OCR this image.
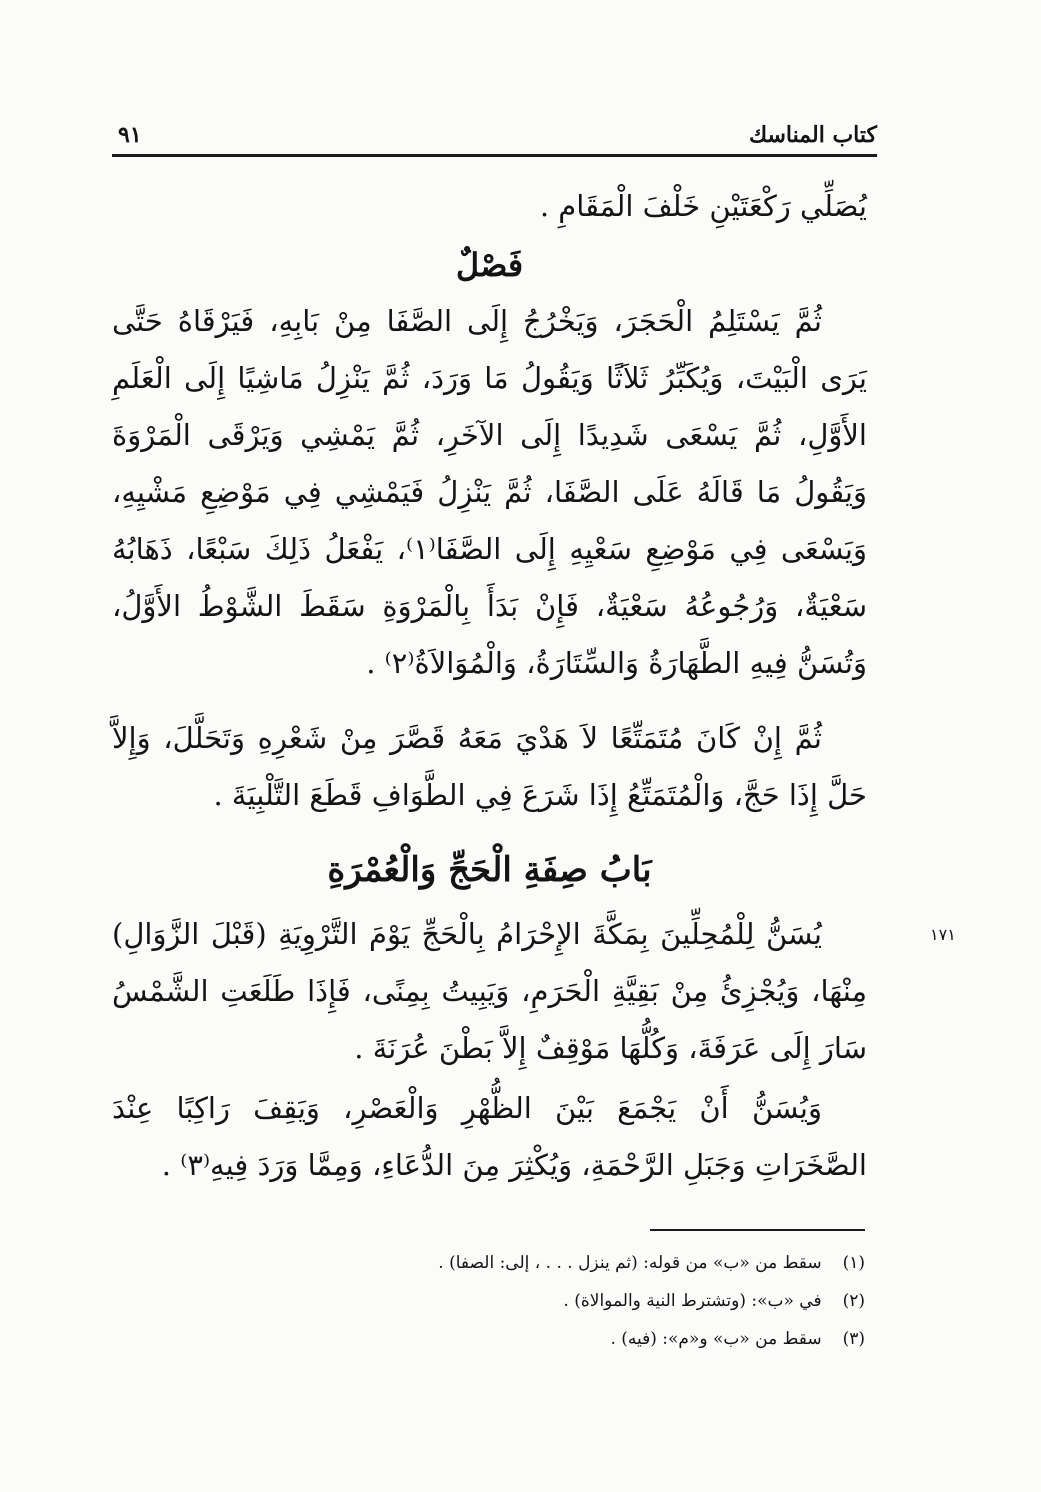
كتاب المناسك
٩١

يُصَلِّي رَكْعَتَيْنِ خَلْفَ الْمَقَامِ .

فَصْلٌ

ثُمَّ يَسْتَلِمُ الْحَجَرَ، وَيَخْرُجُ إِلَى الصَّفَا مِنْ بَابِهِ، فَيَرْقَاهُ حَتَّى يَرَى الْبَيْتَ، وَيُكَبِّرُ ثَلاَثًا وَيَقُولُ مَا وَرَدَ، ثُمَّ يَنْزِلُ مَاشِيًا إِلَى الْعَلَمِ الأَوَّلِ، ثُمَّ يَسْعَى شَدِيدًا إِلَى الآخَرِ، ثُمَّ يَمْشِي وَيَرْقَى الْمَرْوَةَ وَيَقُولُ مَا قَالَهُ عَلَى الصَّفَا، ثُمَّ يَنْزِلُ فَيَمْشِي فِي مَوْضِعِ مَشْيِهِ، وَيَسْعَى فِي مَوْضِعِ سَعْيِهِ إِلَى الصَّفَا⁽١⁾، يَفْعَلُ ذَلِكَ سَبْعًا، ذَهَابُهُ سَعْيَةٌ، وَرُجُوعُهُ سَعْيَةٌ، فَإِنْ بَدَأَ بِالْمَرْوَةِ سَقَطَ الشَّوْطُ الأَوَّلُ، وَتُسَنُّ فِيهِ الطَّهَارَةُ وَالسِّتَارَةُ، وَالْمُوَالاَةُ⁽٢⁾ .

ثُمَّ إِنْ كَانَ مُتَمَتِّعًا لاَ هَدْيَ مَعَهُ قَصَّرَ مِنْ شَعْرِهِ وَتَحَلَّلَ، وَإِلاَّ حَلَّ إِذَا حَجَّ، وَالْمُتَمَتِّعُ إِذَا شَرَعَ فِي الطَّوَافِ قَطَعَ التَّلْبِيَةَ .

بَابُ صِفَةِ الْحَجِّ وَالْعُمْرَةِ

يُسَنُّ لِلْمُحِلِّينَ بِمَكَّةَ الإِحْرَامُ بِالْحَجِّ يَوْمَ التَّرْوِيَةِ (قَبْلَ الزَّوَالِ) مِنْهَا، وَيُجْزِئُ مِنْ بَقِيَّةِ الْحَرَمِ، وَيَبِيتُ بِمِنًى، فَإِذَا طَلَعَتِ الشَّمْسُ سَارَ إِلَى عَرَفَةَ، وَكُلُّهَا مَوْقِفٌ إِلاَّ بَطْنَ عُرَنَةَ .

وَيُسَنُّ أَنْ يَجْمَعَ بَيْنَ الظُّهْرِ وَالْعَصْرِ، وَيَقِفَ رَاكِبًا عِنْدَ الصَّخَرَاتِ وَجَبَلِ الرَّحْمَةِ، وَيُكْثِرَ مِنَ الدُّعَاءِ، وَمِمَّا وَرَدَ فِيهِ⁽٣⁾ .

١٧١
(١) سقط من «ب» من قوله: (ثم ينزل . . . ، إلى: الصفا) .
(٢) في «ب»: (وتشترط النية والموالاة) .
(٣) سقط من «ب» و«م»: (فيه) .
